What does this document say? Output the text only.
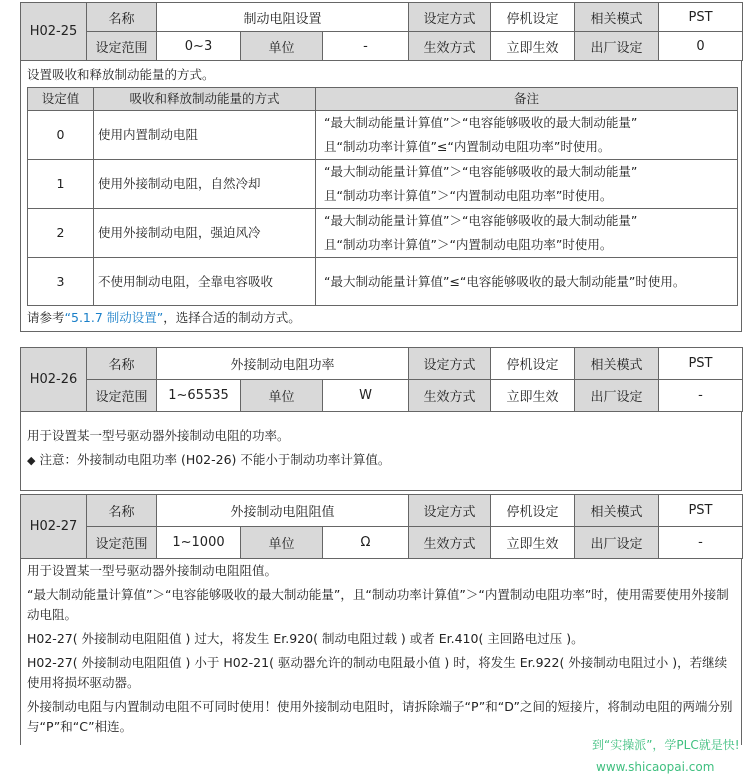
H02-25	名称	制动电阻设置			设定方式	停机设定	相关模式	PST
	设定范围	0~3	单位	-	生效方式	立即生效	出厂设定	0
设置吸收和释放制动能量的方式。
设定值	吸收和释放制动能量的方式	备注
0	使用内置制动电阻	“最大制动能量计算值”＞“电容能够吸收的最大制动能量”
且“制动功率计算值”≤“内置制动电阻功率”时使用。
1	使用外接制动电阻，自然冷却	“最大制动能量计算值”＞“电容能够吸收的最大制动能量”
且“制动功率计算值”＞“内置制动电阻功率”时使用。
2	使用外接制动电阻，强迫风冷	“最大制动能量计算值”＞“电容能够吸收的最大制动能量”
且“制动功率计算值”＞“内置制动电阻功率”时使用。
3	不使用制动电阻，全靠电容吸收	“最大制动能量计算值”≤“电容能够吸收的最大制动能量”时使用。
请参考“5.1.7 制动设置”，选择合适的制动方式。
H02-26	名称	外接制动电阻功率			设定方式	停机设定	相关模式	PST
	设定范围	1~65535	单位	W	生效方式	立即生效	出厂设定	-
用于设置某一型号驱动器外接制动电阻的功率。
◆ 注意：外接制动电阻功率 (H02-26) 不能小于制动功率计算值。
H02-27	名称	外接制动电阻阻值			设定方式	停机设定	相关模式	PST
	设定范围	1~1000	单位	Ω	生效方式	立即生效	出厂设定	-
用于设置某一型号驱动器外接制动电阻阻值。
“最大制动能量计算值”＞“电容能够吸收的最大制动能量”，且“制动功率计算值”＞“内置制动电阻功率”时，使用需要使用外接制动电阻。
H02-27( 外接制动电阻阻值 ) 过大，将发生 Er.920( 制动电阻过载 ) 或者 Er.410( 主回路电过压 )。
H02-27( 外接制动电阻阻值 ) 小于 H02-21( 驱动器允许的制动电阻最小值 ) 时，将发生 Er.922( 外接制动电阻过小 )，若继续使用将损坏驱动器。
外接制动电阻与内置制动电阻不可同时使用！使用外接制动电阻时，请拆除端子“P”和“D”之间的短接片，将制动电阻的两端分别与“P”和“C”相连。
到“实操派”，学PLC就是快!
www.shicaopai.com
